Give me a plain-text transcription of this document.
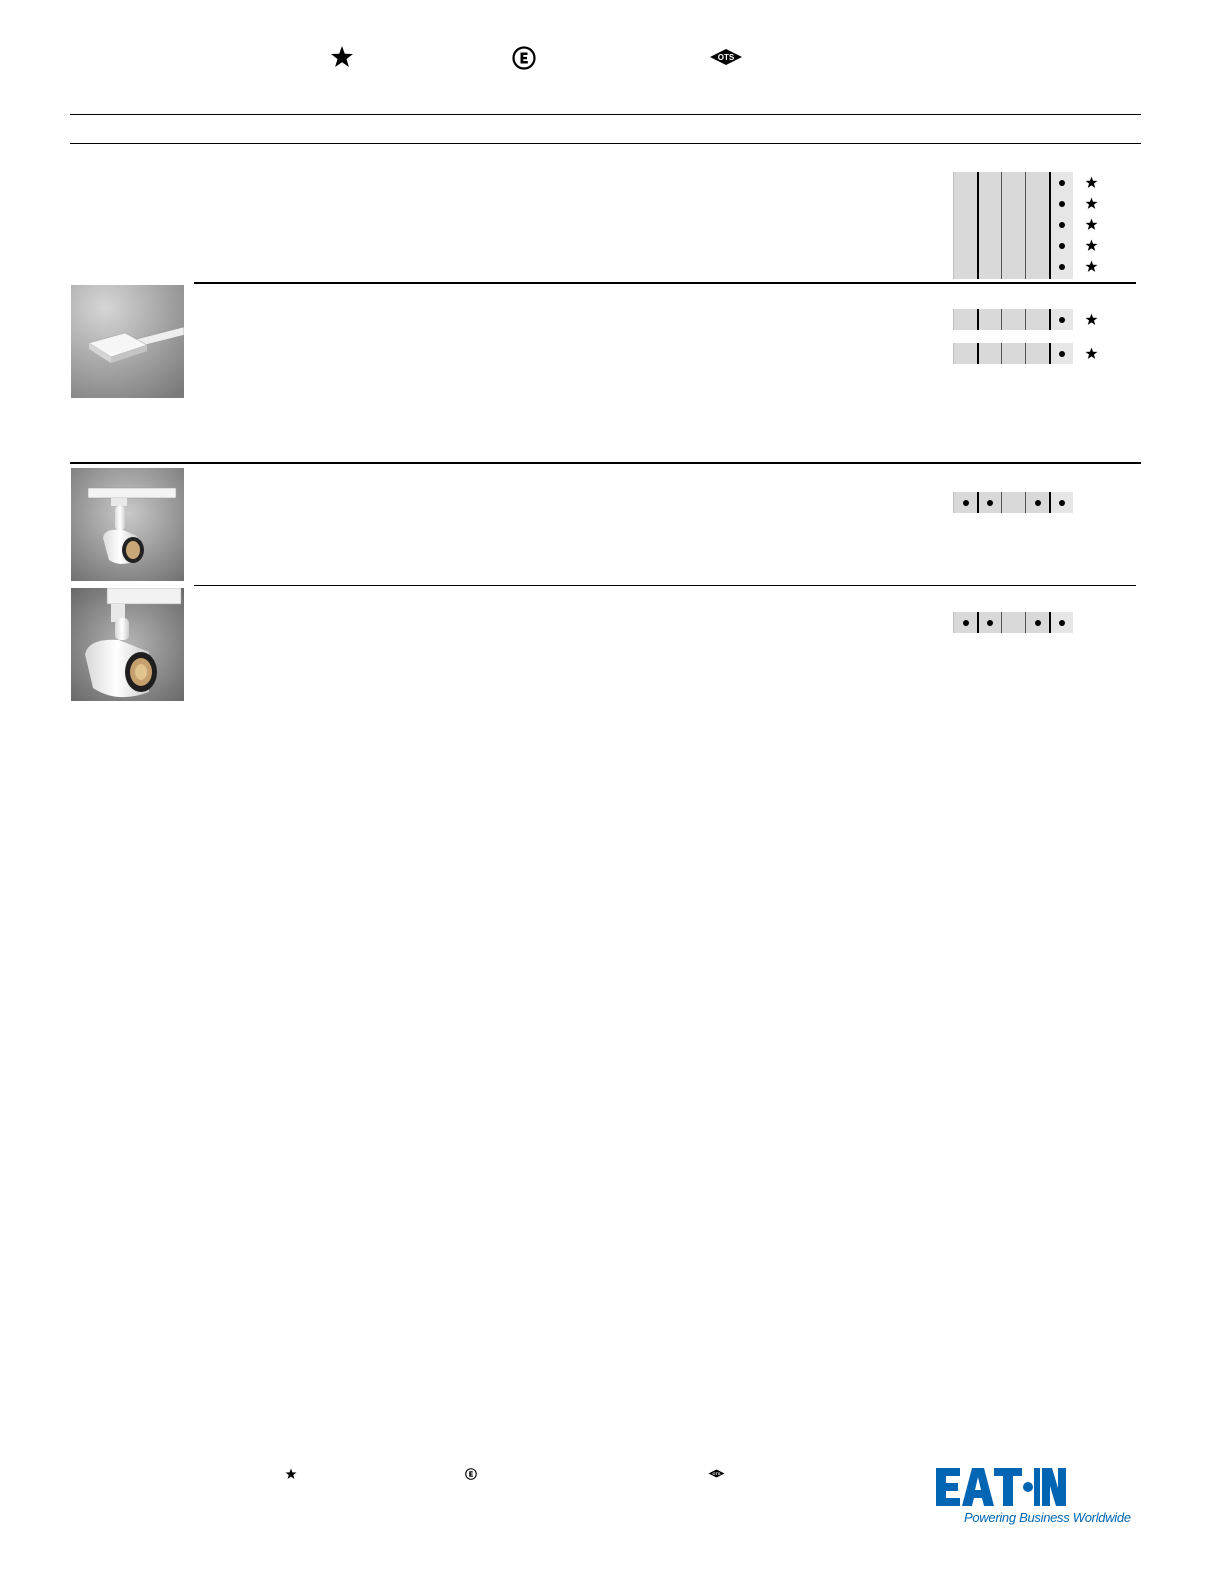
OTS
OTS
Powering Business Worldwide
